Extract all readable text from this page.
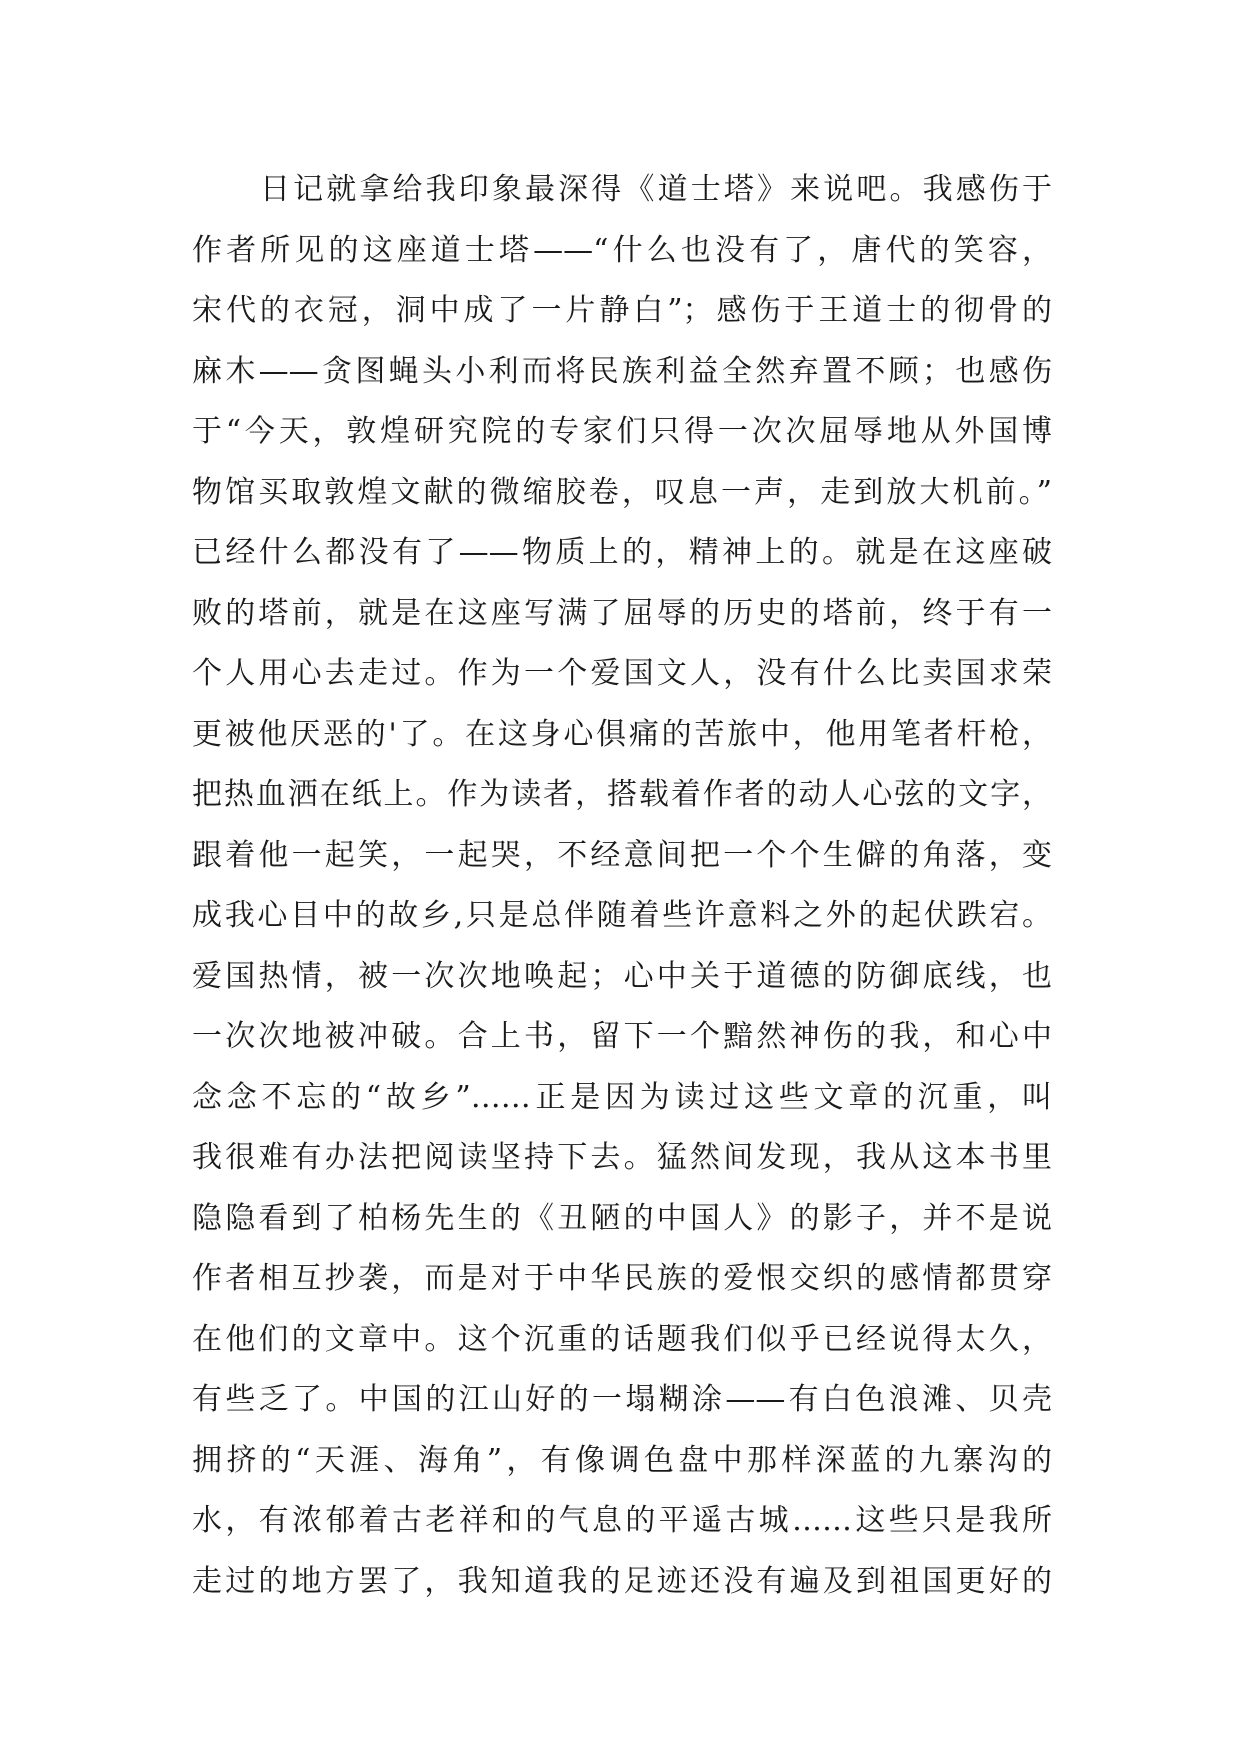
日记就拿给我印象最深得《道士塔》来说吧。我感伤于
作者所见的这座道士塔——“什么也没有了，唐代的笑容，
宋代的衣冠，洞中成了一片静白”；感伤于王道士的彻骨的
麻木——贪图蝇头小利而将民族利益全然弃置不顾；也感伤
于“今天，敦煌研究院的专家们只得一次次屈辱地从外国博
物馆买取敦煌文献的微缩胶卷，叹息一声，走到放大机前。”
已经什么都没有了——物质上的，精神上的。就是在这座破
败的塔前，就是在这座写满了屈辱的历史的塔前，终于有一
个人用心去走过。作为一个爱国文人，没有什么比卖国求荣
更被他厌恶的'了。在这身心俱痛的苦旅中，他用笔者杆枪，
把热血洒在纸上。作为读者，搭载着作者的动人心弦的文字，
跟着他一起笑，一起哭，不经意间把一个个生僻的角落，变
成我心目中的故乡,只是总伴随着些许意料之外的起伏跌宕。
爱国热情，被一次次地唤起；心中关于道德的防御底线，也
一次次地被冲破。合上书，留下一个黯然神伤的我，和心中
念念不忘的“故乡”……正是因为读过这些文章的沉重，叫
我很难有办法把阅读坚持下去。猛然间发现，我从这本书里
隐隐看到了柏杨先生的《丑陋的中国人》的影子，并不是说
作者相互抄袭，而是对于中华民族的爱恨交织的感情都贯穿
在他们的文章中。这个沉重的话题我们似乎已经说得太久，
有些乏了。中国的江山好的一塌糊涂——有白色浪滩、贝壳
拥挤的“天涯、海角”，有像调色盘中那样深蓝的九寨沟的
水，有浓郁着古老祥和的气息的平遥古城……这些只是我所
走过的地方罢了，我知道我的足迹还没有遍及到祖国更好的
